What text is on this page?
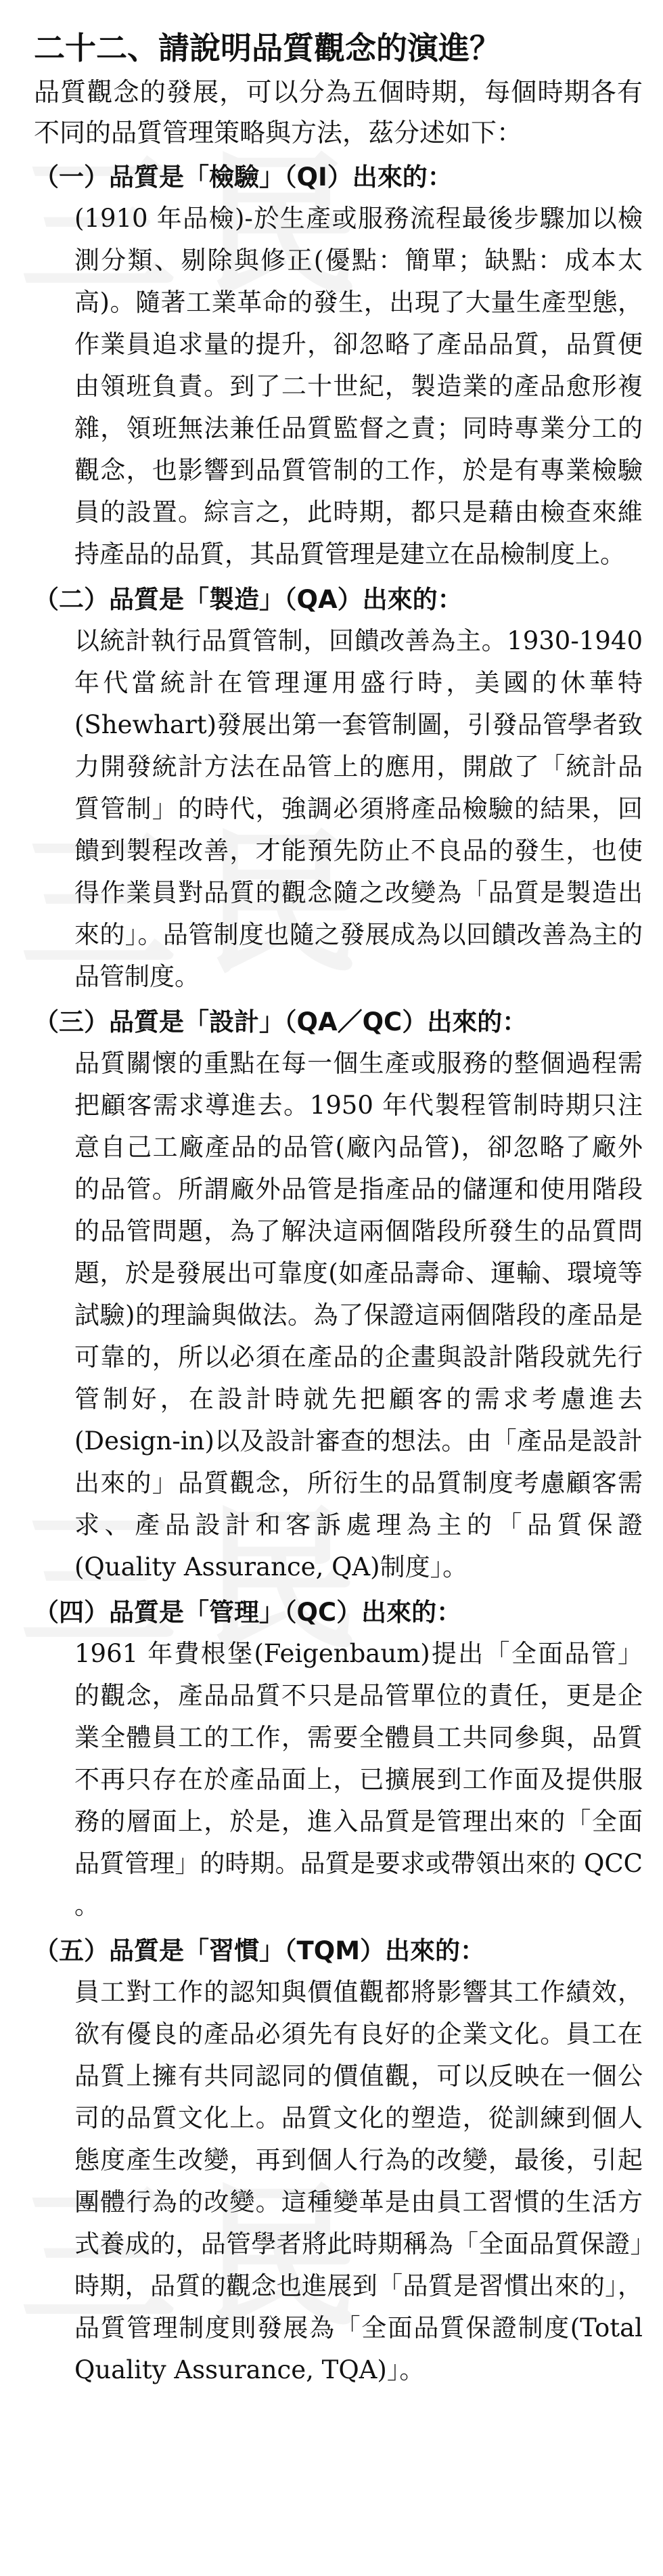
二十二、請說明品質觀念的演進？

品質觀念的發展，可以分為五個時期，每個時期各有不同的品質管理策略與方法，茲分述如下：

（一）品質是「檢驗」（QI）出來的：

(1910 年品檢)-於生產或服務流程最後步驟加以檢測分類、剔除與修正(優點：簡單；缺點：成本太高)。隨著工業革命的發生，出現了大量生產型態，作業員追求量的提升，卻忽略了產品品質，品質便由領班負責。到了二十世紀，製造業的產品愈形複雜，領班無法兼任品質監督之責；同時專業分工的觀念，也影響到品質管制的工作，於是有專業檢驗員的設置。綜言之，此時期，都只是藉由檢查來維持產品的品質，其品質管理是建立在品檢制度上。

（二）品質是「製造」（QA）出來的：

以統計執行品質管制，回饋改善為主。1930-1940 年代當統計在管理運用盛行時，美國的休華特(Shewhart)發展出第一套管制圖，引發品管學者致力開發統計方法在品管上的應用，開啟了「統計品質管制」的時代，強調必須將產品檢驗的結果，回饋到製程改善，才能預先防止不良品的發生，也使得作業員對品質的觀念隨之改變為「品質是製造出來的」。品管制度也隨之發展成為以回饋改善為主的品管制度。

（三）品質是「設計」（QA／QC）出來的：

品質關懷的重點在每一個生產或服務的整個過程需把顧客需求導進去。1950 年代製程管制時期只注意自己工廠產品的品管(廠內品管)，卻忽略了廠外的品管。所謂廠外品管是指產品的儲運和使用階段的品管問題，為了解決這兩個階段所發生的品質問題，於是發展出可靠度(如產品壽命、運輸、環境等試驗)的理論與做法。為了保證這兩個階段的產品是可靠的，所以必須在產品的企畫與設計階段就先行管制好，在設計時就先把顧客的需求考慮進去(Design-in)以及設計審查的想法。由「產品是設計出來的」品質觀念，所衍生的品質制度考慮顧客需求、產品設計和客訴處理為主的「品質保證(Quality Assurance, QA)制度」。

（四）品質是「管理」（QC）出來的：

1961 年費根堡(Feigenbaum)提出「全面品管」的觀念，產品品質不只是品管單位的責任，更是企業全體員工的工作，需要全體員工共同參與，品質不再只存在於產品面上，已擴展到工作面及提供服務的層面上，於是，進入品質是管理出來的「全面品質管理」的時期。品質是要求或帶領出來的 QCC 。

（五）品質是「習慣」（TQM）出來的：

員工對工作的認知與價值觀都將影響其工作績效，欲有優良的產品必須先有良好的企業文化。員工在品質上擁有共同認同的價值觀，可以反映在一個公司的品質文化上。品質文化的塑造，從訓練到個人態度產生改變，再到個人行為的改變，最後，引起團體行為的改變。這種變革是由員工習慣的生活方式養成的，品管學者將此時期稱為「全面品質保證」時期，品質的觀念也進展到「品質是習慣出來的」，品質管理制度則發展為「全面品質保證制度(Total Quality Assurance, TQA)」。
